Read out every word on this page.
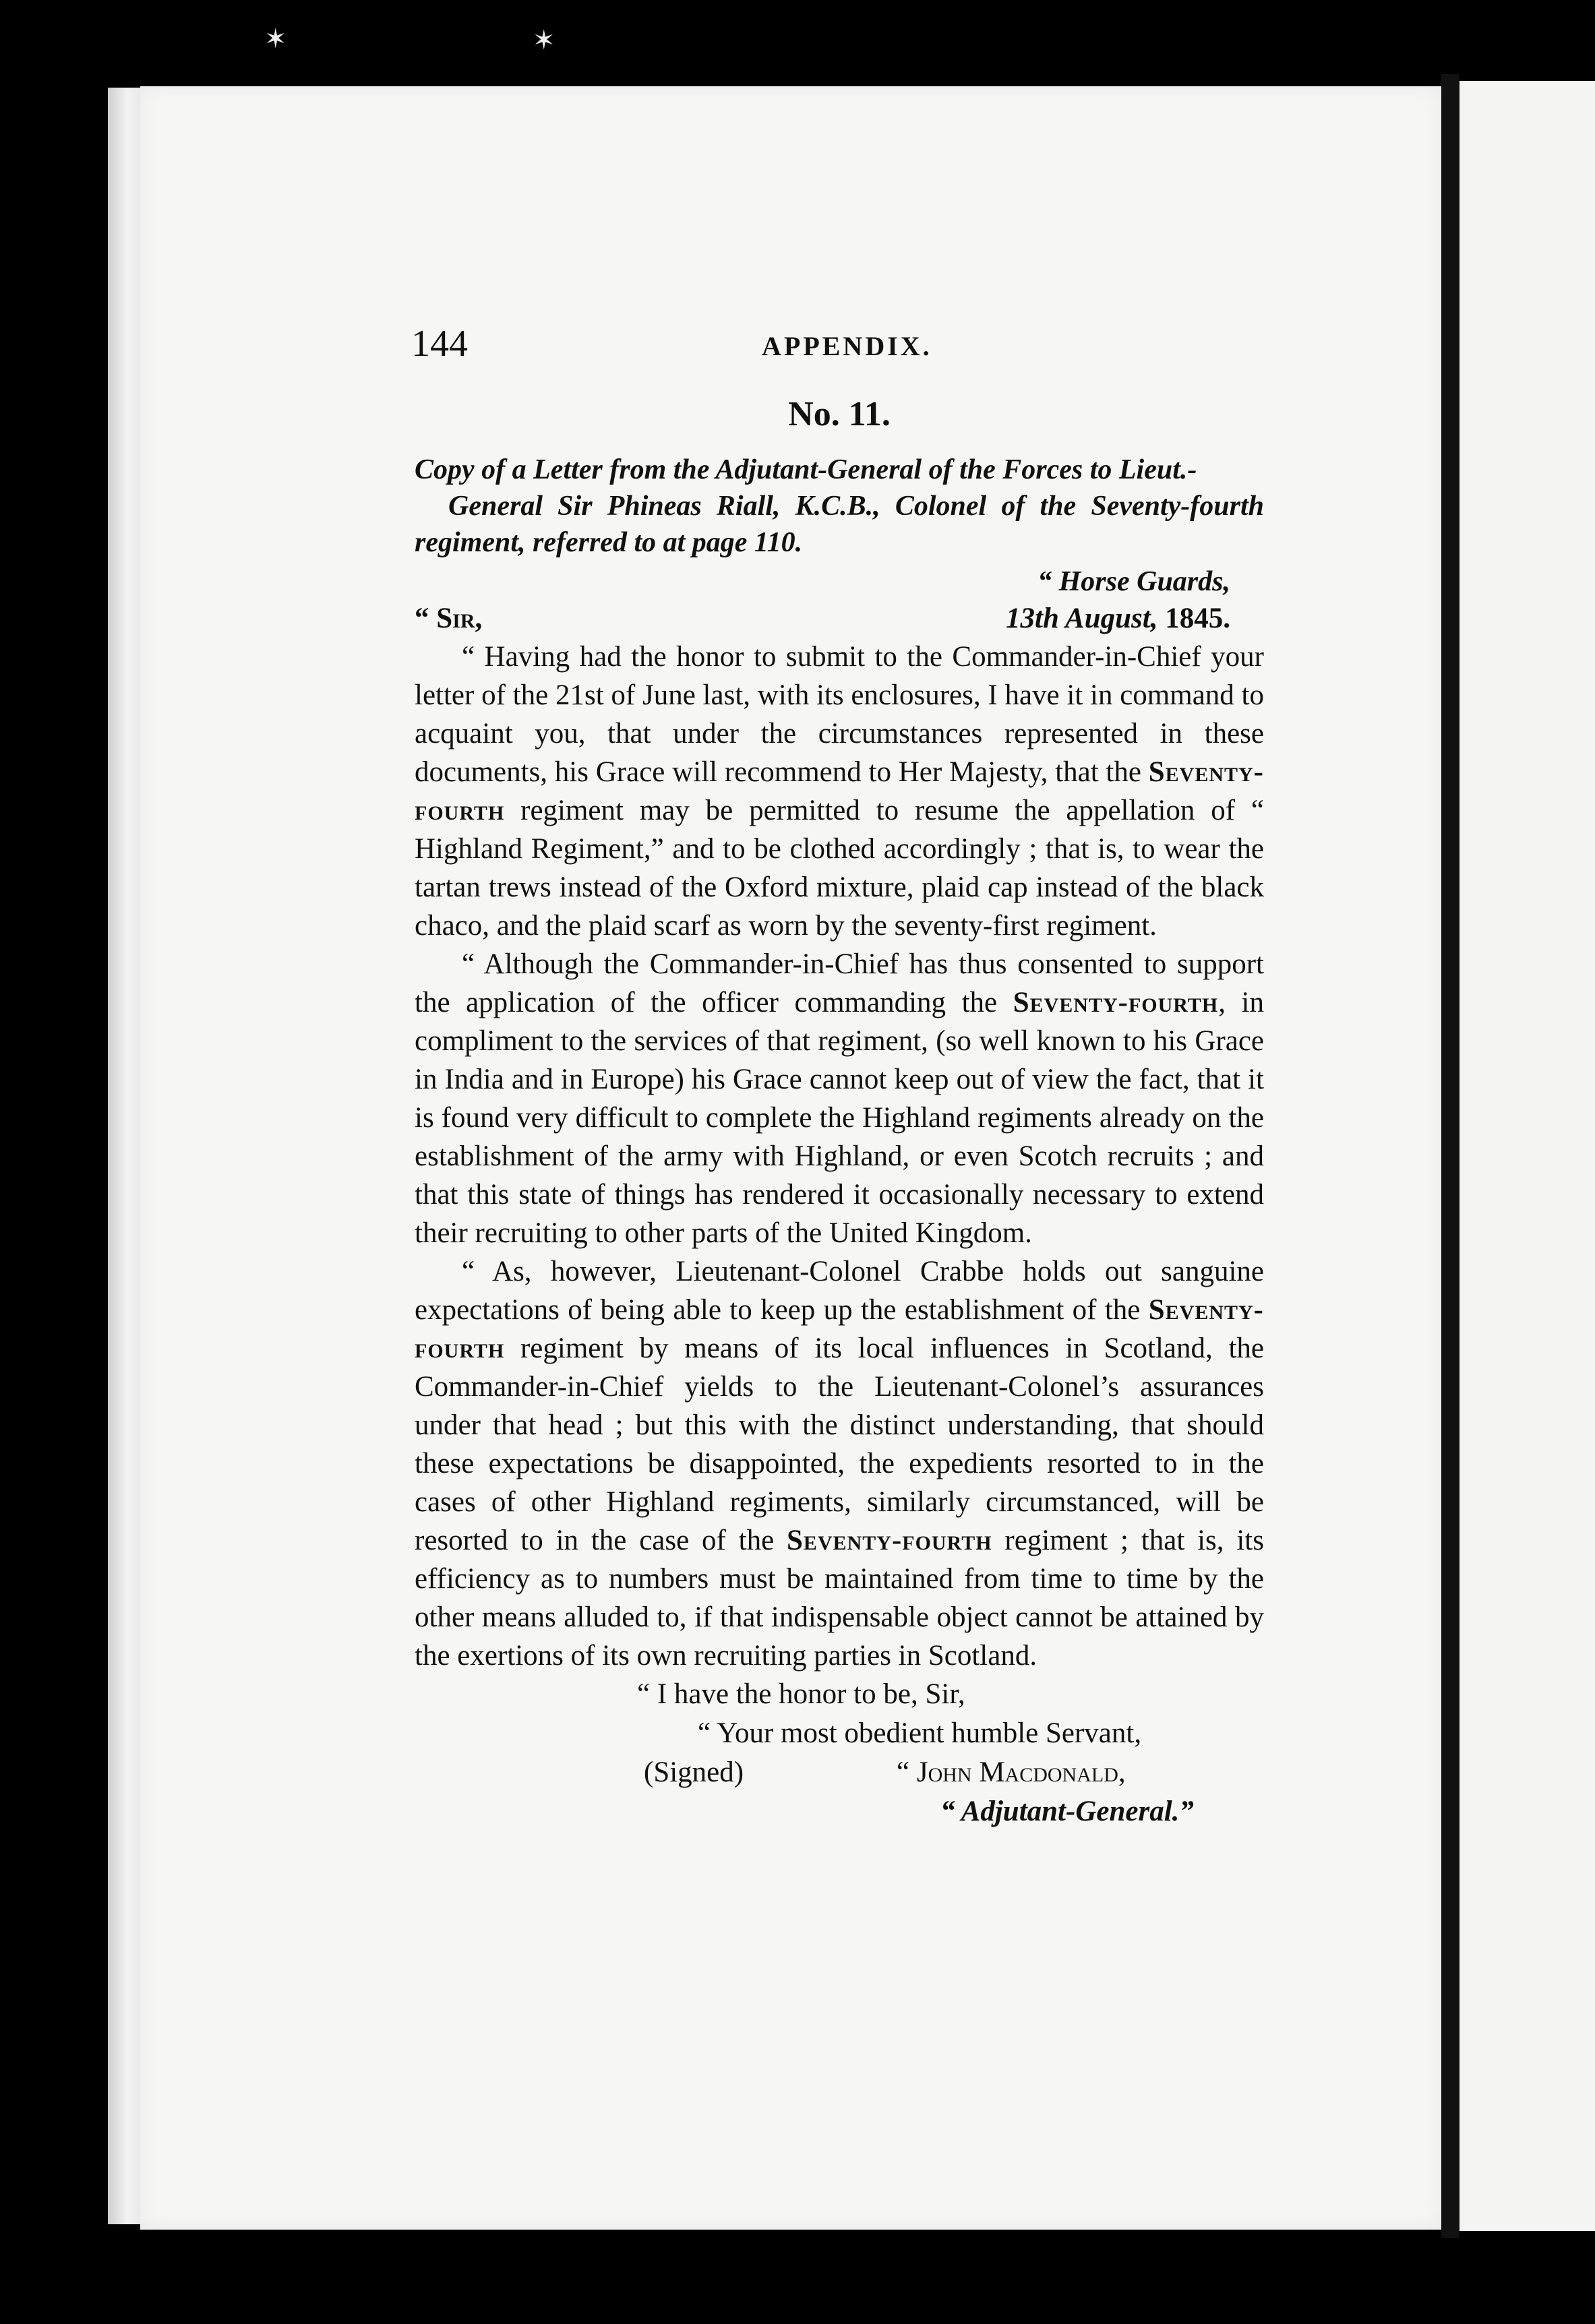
✶	✶
144	APPENDIX.
No. 11.

Copy of a Letter from the Adjutant-General of the Forces to Lieut.-
General Sir Phineas Riall, K.C.B., Colonel of the Seventy-fourth regiment, referred to at page 110.

“ Horse Guards,
“ Sir,	13th August, 1845.

“ Having had the honor to submit to the Commander-in-Chief your letter of the 21st of June last, with its enclosures, I have it in command to acquaint you, that under the circumstances represented in these documents, his Grace will recommend to Her Majesty, that the Seventy-fourth regiment may be permitted to resume the appellation of “ Highland Regiment,” and to be clothed accordingly ; that is, to wear the tartan trews instead of the Oxford mixture, plaid cap instead of the black chaco, and the plaid scarf as worn by the seventy-first regiment.

“ Although the Commander-in-Chief has thus consented to support the application of the officer commanding the Seventy-fourth, in compliment to the services of that regiment, (so well known to his Grace in India and in Europe) his Grace cannot keep out of view the fact, that it is found very difficult to complete the Highland regiments already on the establishment of the army with Highland, or even Scotch recruits ; and that this state of things has rendered it occasionally necessary to extend their recruiting to other parts of the United Kingdom.

“ As, however, Lieutenant-Colonel Crabbe holds out sanguine expectations of being able to keep up the establishment of the Seventy-fourth regiment by means of its local influences in Scotland, the Commander-in-Chief yields to the Lieutenant-Colonel’s assurances under that head ; but this with the distinct understanding, that should these expectations be disappointed, the expedients resorted to in the cases of other Highland regiments, similarly circumstanced, will be resorted to in the case of the Seventy-fourth regiment ; that is, its efficiency as to numbers must be maintained from time to time by the other means alluded to, if that indispensable object cannot be attained by the exertions of its own recruiting parties in Scotland.

“ I have the honor to be, Sir,
“ Your most obedient humble Servant,
(Signed)	“ John Macdonald,
“ Adjutant-General.”
